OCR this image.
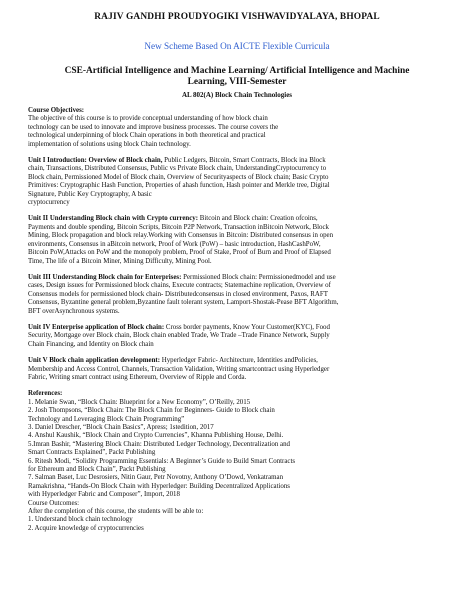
RAJIV GANDHI PROUDYOGIKI VISHWAVIDYALAYA, BHOPAL
New Scheme Based On AICTE Flexible Curricula
CSE-Artificial Intelligence and Machine Learning/ Artificial Intelligence and Machine
Learning, VIII-Semester
AL 802(A) Block Chain Technologies

Course Objectives:

The objective of this course is to provide conceptual understanding of how block chain

technology can be used to innovate and improve business processes. The course covers the

technological underpinning of block Chain operations in both theoretical and practical

implementation of solutions using block Chain technology.

Unit I Introduction: Overview of Block chain, Public Ledgers, Bitcoin, Smart Contracts, Block ina Block

chain, Transactions, Distributed Consensus, Public vs Private Block chain, UnderstandingCryptocurrency to

Block chain, Permissioned Model of Block chain, Overview of Securityaspects of Block chain; Basic Crypto

Primitives: Cryptographic Hash Function, Properties of ahash function, Hash pointer and Merkle tree, Digital

Signature, Public Key Cryptography, A basic

cryptocurrency

Unit II Understanding Block chain with Crypto currency: Bitcoin and Block chain: Creation ofcoins,

Payments and double spending, Bitcoin Scripts, Bitcoin P2P Network, Transaction inBitcoin Network, Block

Mining, Block propagation and block relay.Working with Consensus in Bitcoin: Distributed consensus in open

environments, Consensus in aBitcoin network, Proof of Work (PoW) – basic introduction, HashCashPoW,

Bitcoin PoW,Attacks on PoW and the monopoly problem, Proof of Stake, Proof of Burn and Proof of Elapsed

Time, The life of a Bitcoin Miner, Mining Difficulty, Mining Pool.

Unit III Understanding Block chain for Enterprises: Permissioned Block chain: Permissionedmodel and use

cases, Design issues for Permissioned block chains, Execute contracts; Statemachine replication, Overview of

Consensus models for permissioned block chain- Distributedconsensus in closed environment, Paxos, RAFT

Consensus, Byzantine general problem,Byzantine fault tolerant system, Lamport-Shostak-Pease BFT Algorithm,

BFT overAsynchronous systems.

Unit IV Enterprise application of Block chain: Cross border payments, Know Your Customer(KYC), Food

Security, Mortgage over Block chain, Block chain enabled Trade, We Trade –Trade Finance Network, Supply

Chain Financing, and Identity on Block chain

Unit V Block chain application development: Hyperledger Fabric- Architecture, Identities andPolicies,

Membership and Access Control, Channels, Transaction Validation, Writing smartcontract using Hyperledger

Fabric, Writing smart contract using Ethereum, Overview of Ripple and Corda.

References:

1. Melanie Swan, “Block Chain: Blueprint for a New Economy”, O’Reilly, 2015

2. Josh Thompsons, “Block Chain: The Block Chain for Beginners- Guide to Block chain

Technology and Leveraging Block Chain Programming”

3. Daniel Drescher, “Block Chain Basics”, Apress; 1stedition, 2017

4. Anshul Kaushik, “Block Chain and Crypto Currencies”, Khanna Publishing House, Delhi.

5.Imran Bashir, “Mastering Block Chain: Distributed Ledger Technology, Decentralization and

Smart Contracts Explained”, Packt Publishing

6. Ritesh Modi, “Solidity Programming Essentials: A Beginner’s Guide to Build Smart Contracts

for Ethereum and Block Chain”, Packt Publishing

7. Salman Baset, Luc Desrosiers, Nitin Gaur, Petr Novotny, Anthony O’Dowd, Venkatraman

Ramakrishna, “Hands-On Block Chain with Hyperledger: Building Decentralized Applications

with Hyperledger Fabric and Composer”, Import, 2018

Course Outcomes:

After the completion of this course, the students will be able to:

1. Understand block chain technology

2. Acquire knowledge of cryptocurrencies
